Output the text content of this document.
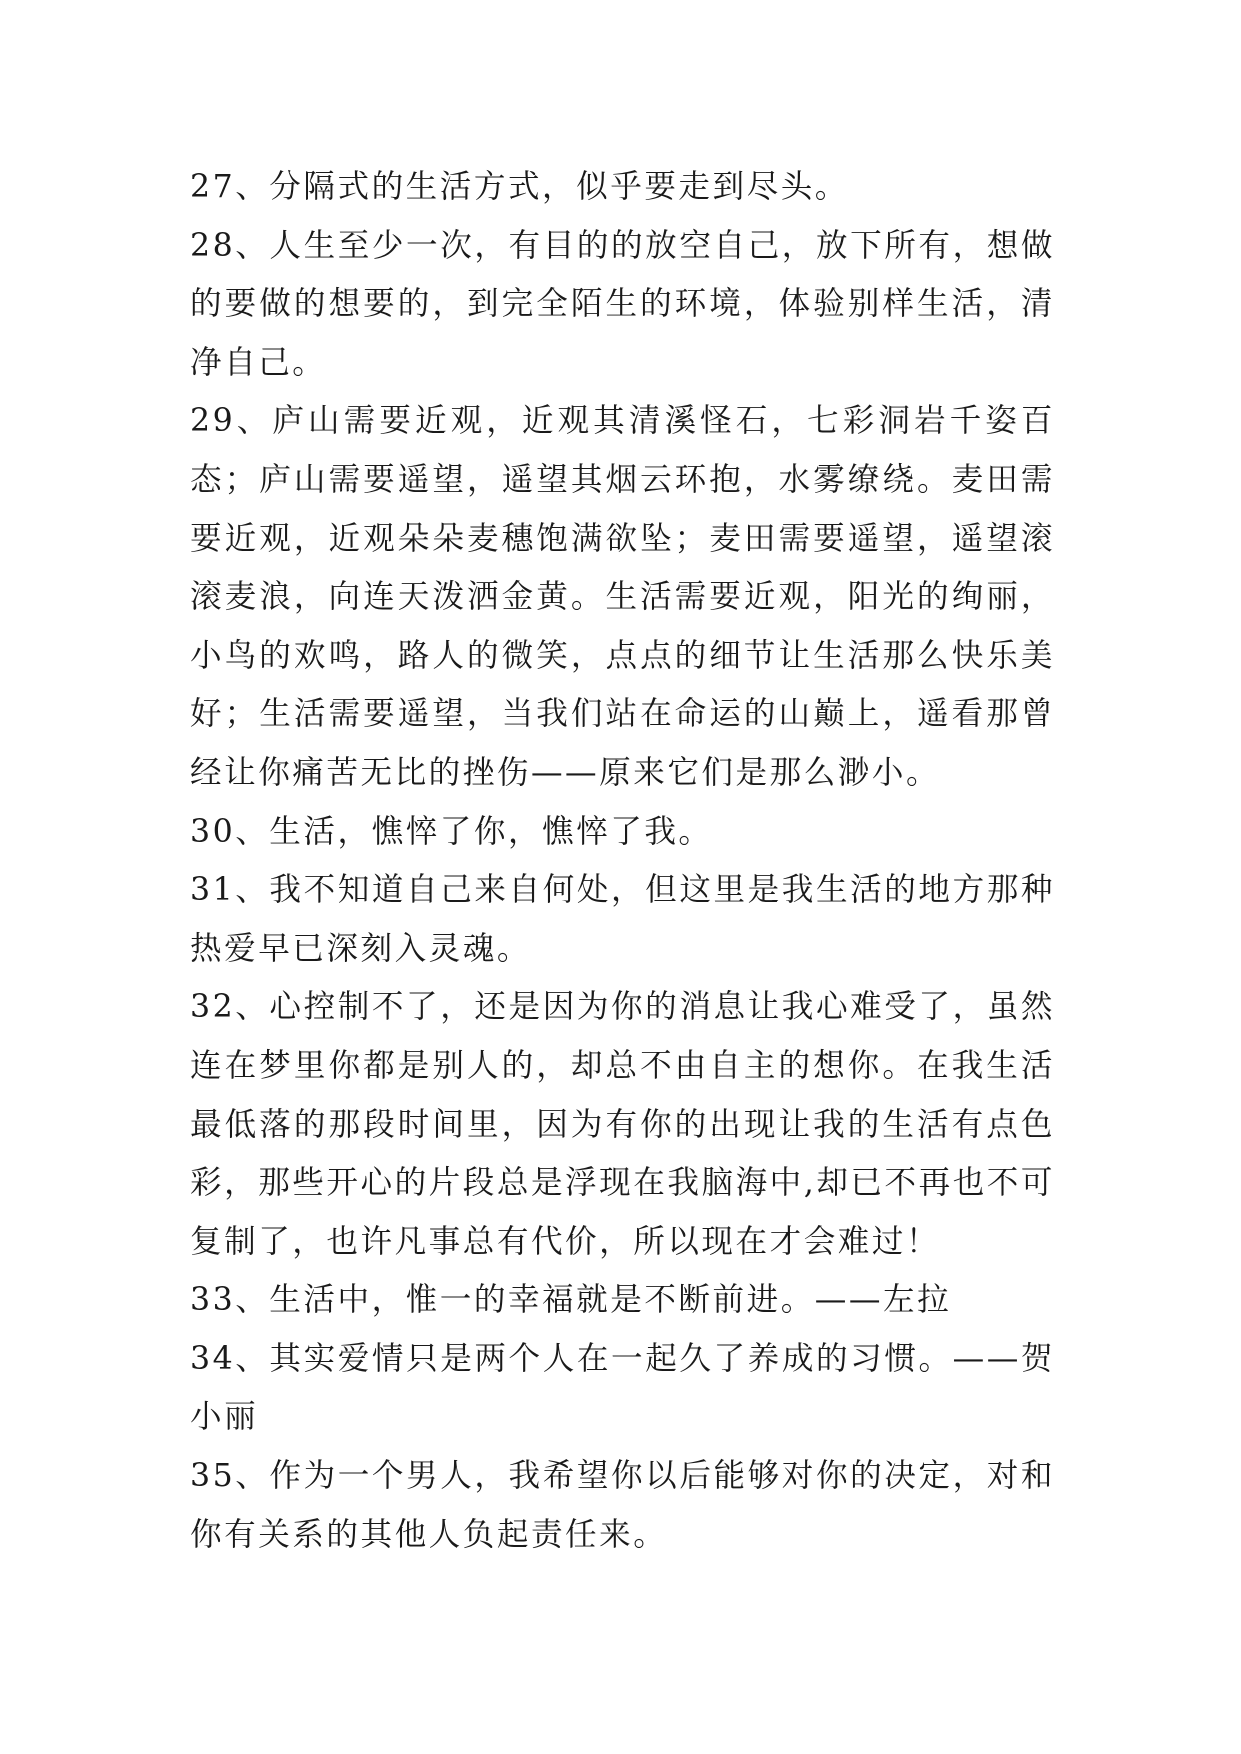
27、分隔式的生活方式，似乎要走到尽头。

28、人生至少一次，有目的的放空自己，放下所有，想做的要做的想要的，到完全陌生的环境，体验别样生活，清净自己。

29、庐山需要近观，近观其清溪怪石，七彩洞岩千姿百态；庐山需要遥望，遥望其烟云环抱，水雾缭绕。麦田需要近观，近观朵朵麦穗饱满欲坠；麦田需要遥望，遥望滚滚麦浪，向连天泼洒金黄。生活需要近观，阳光的绚丽，小鸟的欢鸣，路人的微笑，点点的细节让生活那么快乐美好；生活需要遥望，当我们站在命运的山巅上，遥看那曾经让你痛苦无比的挫伤——原来它们是那么渺小。

30、生活，憔悴了你，憔悴了我。

31、我不知道自己来自何处，但这里是我生活的地方那种热爱早已深刻入灵魂。

32、心控制不了，还是因为你的消息让我心难受了，虽然连在梦里你都是别人的，却总不由自主的想你。在我生活最低落的那段时间里，因为有你的出现让我的生活有点色彩，那些开心的片段总是浮现在我脑海中,却已不再也不可复制了，也许凡事总有代价，所以现在才会难过！

33、生活中，惟一的幸福就是不断前进。——左拉

34、其实爱情只是两个人在一起久了养成的习惯。——贺小丽

35、作为一个男人，我希望你以后能够对你的决定，对和你有关系的其他人负起责任来。
